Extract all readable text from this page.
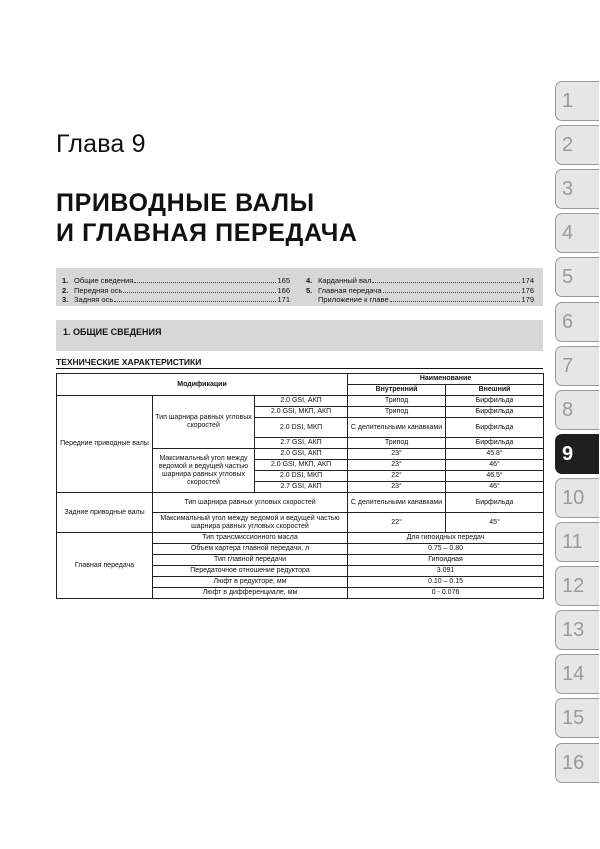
Глава 9
ПРИВОДНЫЕ ВАЛЫ
И ГЛАВНАЯ ПЕРЕДАЧА
1. Общие сведения	165
2. Передняя ось	166
3. Задняя ось	171
4. Карданный вал	174
5. Главная передача	176
Приложение к главе	179
1. ОБЩИЕ СВЕДЕНИЯ
ТЕХНИЧЕСКИЕ ХАРАКТЕРИСТИКИ
Модификации			Наименование	
			Внутренний	Внешний
Передние приводные валы	Тип шарнира равных угловых скоростей	2.0 GSI, АКП	Трипод	Бирфильда
		2.0 GSI, МКП, АКП	Трипод	Бирфильда
		2.0 DSI, МКП	С делительными канавками	Бирфильда
		2.7 GSI, АКП	Трипод	Бирфильда
	Максимальный угол между ведомой и ведущей частью шарнира равных угловых скоростей	2.0 GSI, АКП	23°	45.8°
		2.0 GSI, МКП, АКП	23°	46°
		2.0 DSI, МКП	22°	46.5°
		2.7 GSI, АКП	23°	46°
Задние приводные валы	Тип шарнира равных угловых скоростей		С делительными канавками	Бирфильда
	Максимальный угол между ведомой и ведущей частью шарнира равных угловых скоростей		22°	45°
Главная передача	Тип трансмиссионного масла		Для гипоидных передач	
	Объем картера главной передачи, л		0.75 – 0.80	
	Тип главной передачи		Гипоидная	
	Передаточное отношение редуктора		3.091	
	Люфт в редукторе, мм		0.10 – 0.15	
	Люфт в дифференциале, мм		0 - 0.076	
1
2
3
4
5
6
7
8
9
10
11
12
13
14
15
16
